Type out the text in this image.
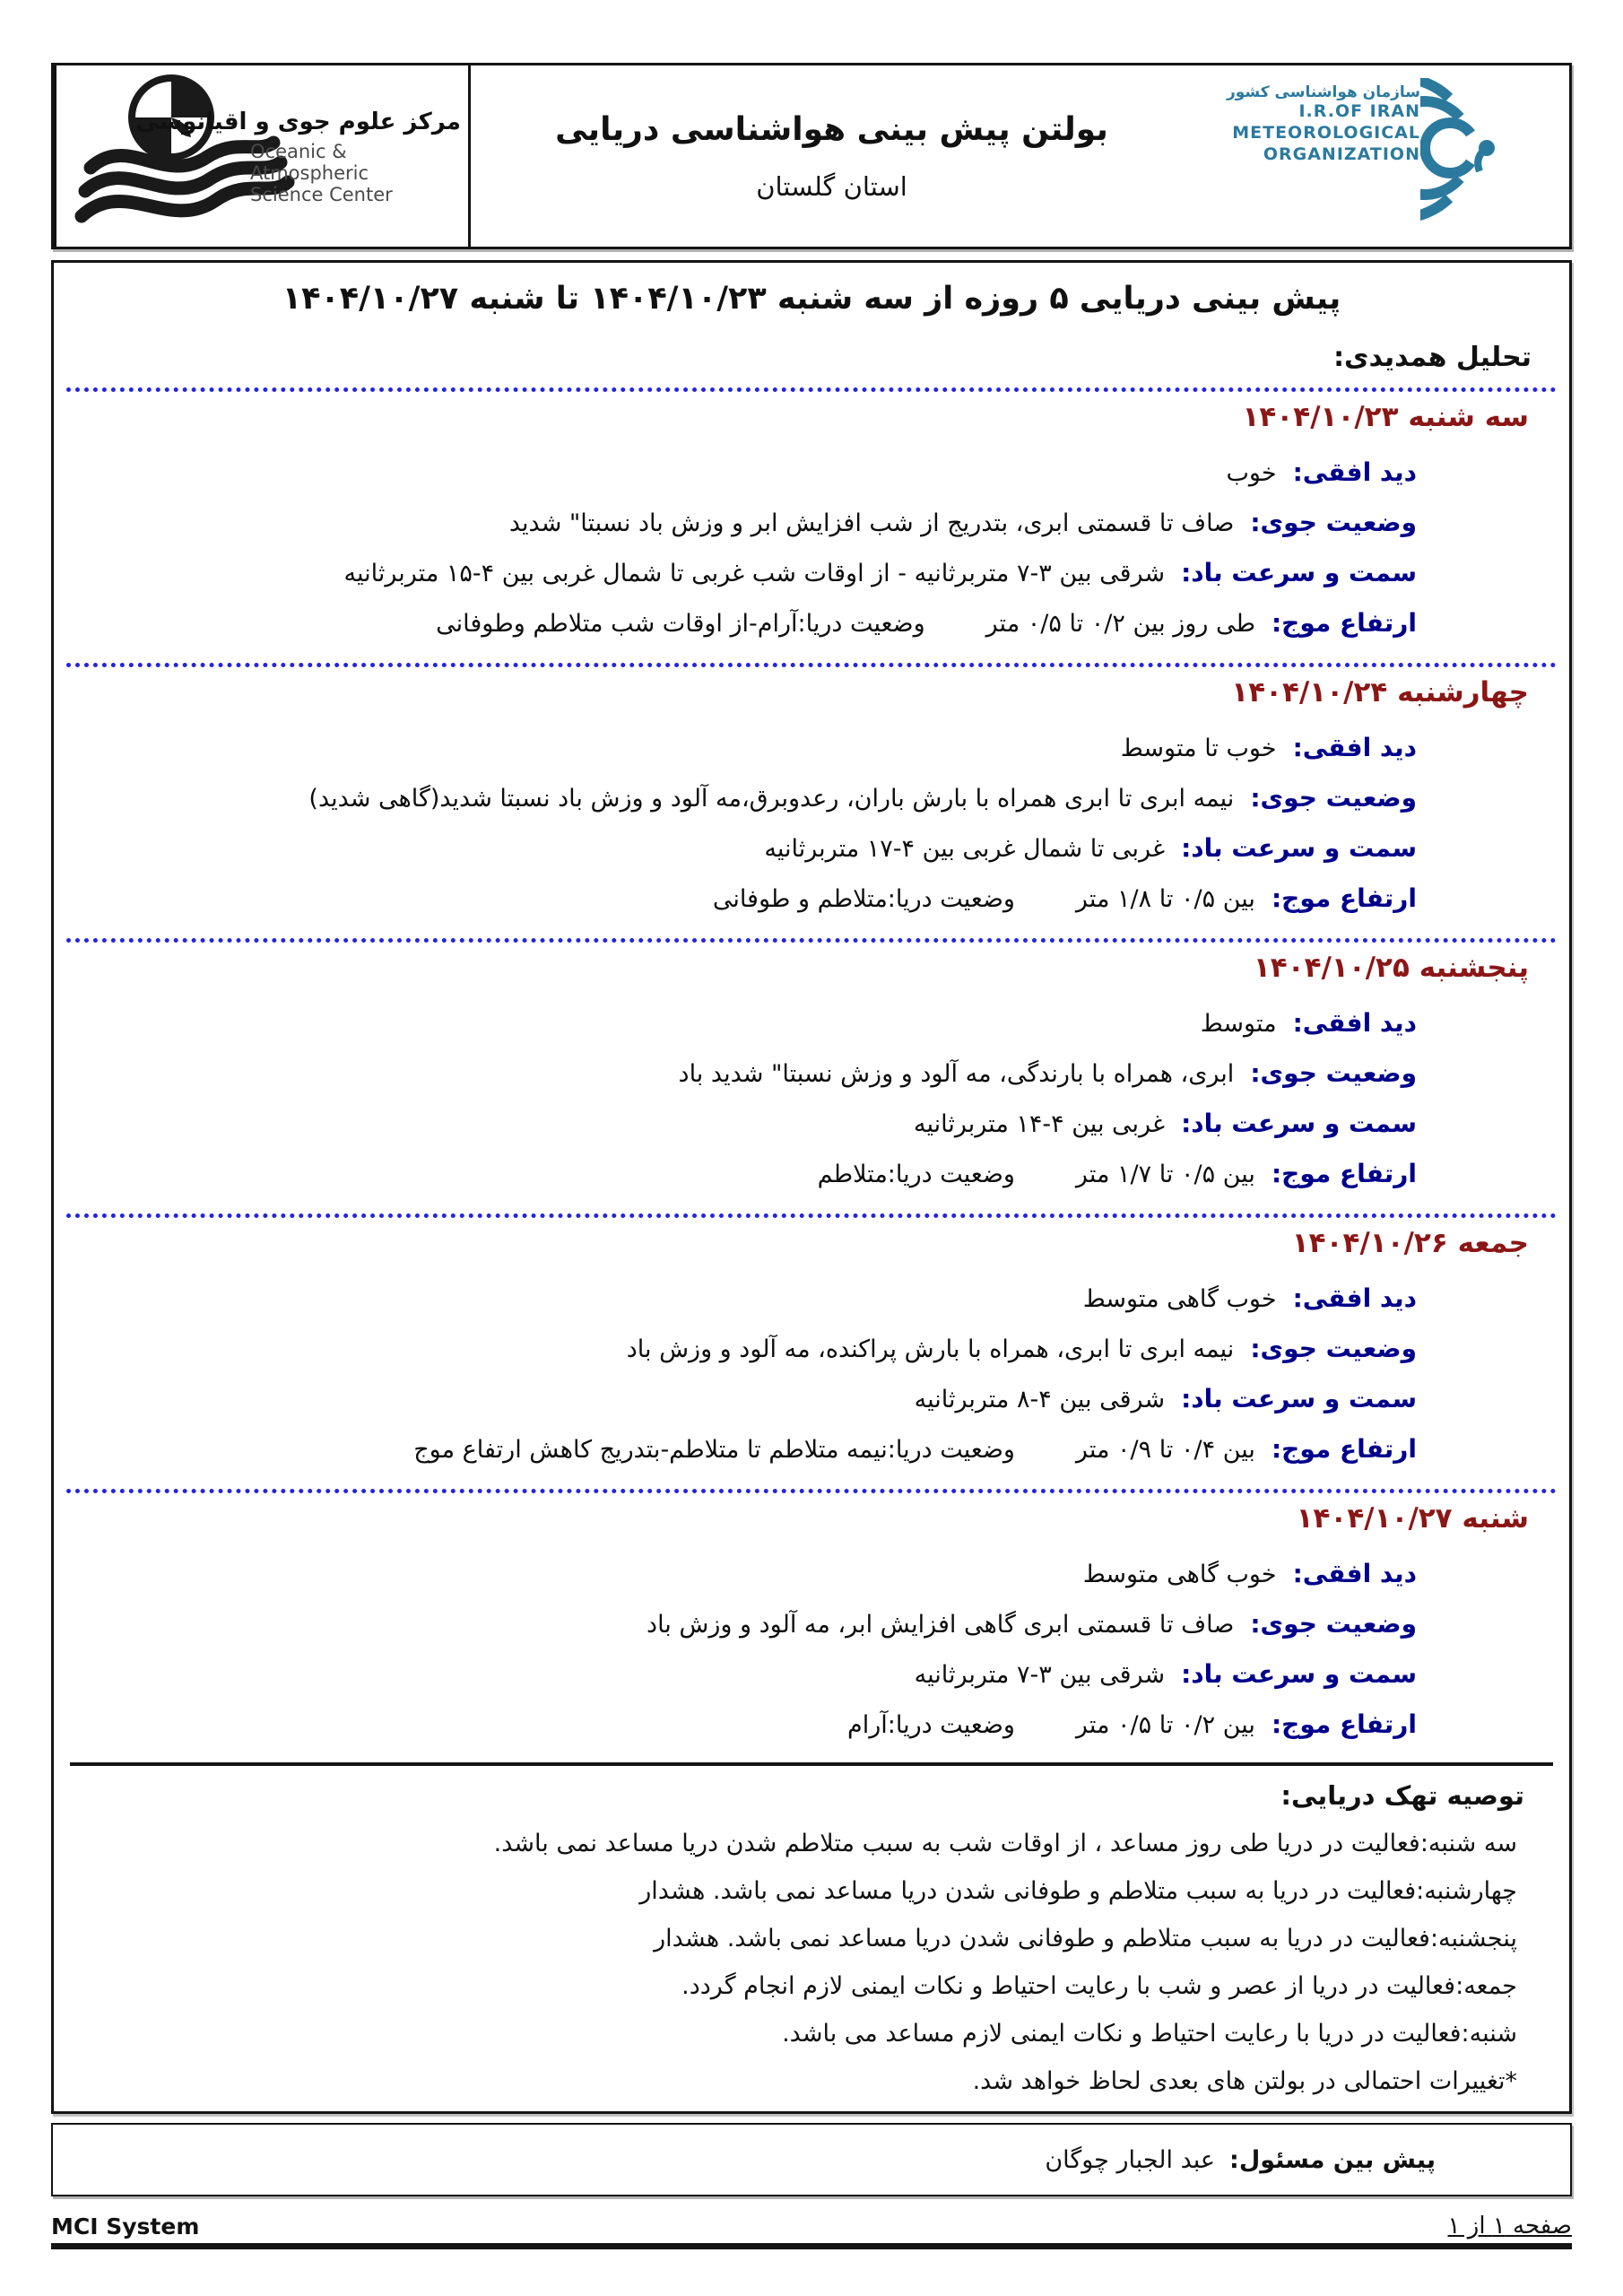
مرکز علوم جوی و اقیانوسی
Oceanic & Atmospheric
Science Center
بولتن پیش بینی هواشناسی دریایی
استان گلستان
سازمان هواشناسی کشور
I.R.OF IRAN
METEOROLOGICAL
ORGANIZATION
پیش بینی دریایی ۵ روزه از سه شنبه ۱۴۰۴/۱۰/۲۳ تا شنبه ۱۴۰۴/۱۰/۲۷
تحلیل همدیدی:
سه شنبه ۱۴۰۴/۱۰/۲۳
دید افقی:خوب
وضعیت جوی:صاف تا قسمتی ابری، بتدریج از شب افزایش ابر و وزش باد نسبتا" شدید
سمت و سرعت باد:شرقی بین ۳-۷ متربرثانیه - از اوقات شب غربی تا شمال غربی بین ۴-۱۵ متربرثانیه
ارتفاع موج:طی روز بین ۰/۲ تا ۰/۵ متروضعیت دریا:آرام-از اوقات شب متلاطم وطوفانی
چهارشنبه ۱۴۰۴/۱۰/۲۴
دید افقی:خوب تا متوسط
وضعیت جوی:نیمه ابری تا ابری همراه با بارش باران، رعدوبرق،مه آلود و وزش باد نسبتا شدید(گاهی شدید)
سمت و سرعت باد:غربی تا شمال غربی بین ۴-۱۷ متربرثانیه
ارتفاع موج:بین ۰/۵ تا ۱/۸ متروضعیت دریا:متلاطم و طوفانی
پنجشنبه ۱۴۰۴/۱۰/۲۵
دید افقی:متوسط
وضعیت جوی:ابری، همراه با بارندگی، مه آلود و وزش نسبتا" شدید باد
سمت و سرعت باد:غربی بین ۴-۱۴ متربرثانیه
ارتفاع موج:بین ۰/۵ تا ۱/۷ متروضعیت دریا:متلاطم
جمعه ۱۴۰۴/۱۰/۲۶
دید افقی:خوب گاهی متوسط
وضعیت جوی:نیمه ابری تا ابری، همراه با بارش پراکنده، مه آلود و وزش باد
سمت و سرعت باد:شرقی بین ۴-۸ متربرثانیه
ارتفاع موج:بین ۰/۴ تا ۰/۹ متروضعیت دریا:نیمه متلاطم تا متلاطم-بتدریج کاهش ارتفاع موج
شنبه ۱۴۰۴/۱۰/۲۷
دید افقی:خوب گاهی متوسط
وضعیت جوی:صاف تا قسمتی ابری گاهی افزایش ابر، مه آلود و وزش باد
سمت و سرعت باد:شرقی بین ۳-۷ متربرثانیه
ارتفاع موج:بین ۰/۲ تا ۰/۵ متروضعیت دریا:آرام
توصیه تهک دریایی:

سه شنبه:فعالیت در دریا طی روز مساعد ، از اوقات شب به سبب متلاطم شدن دریا مساعد نمی باشد.

چهارشنبه:فعالیت در دریا به سبب متلاطم و طوفانی شدن دریا مساعد نمی باشد. هشدار

پنجشنبه:فعالیت در دریا به سبب متلاطم و طوفانی شدن دریا مساعد نمی باشد. هشدار

جمعه:فعالیت در دریا از عصر و شب با رعایت احتیاط و نکات ایمنی لازم انجام گردد.

شنبه:فعالیت در دریا با رعایت احتیاط و نکات ایمنی لازم مساعد می باشد.

*تغییرات احتمالی در بولتن های بعدی لحاظ خواهد شد.

پیش بین مسئول:
عبد الجبار چوگان
MCI System	صفحه ۱ از ۱
